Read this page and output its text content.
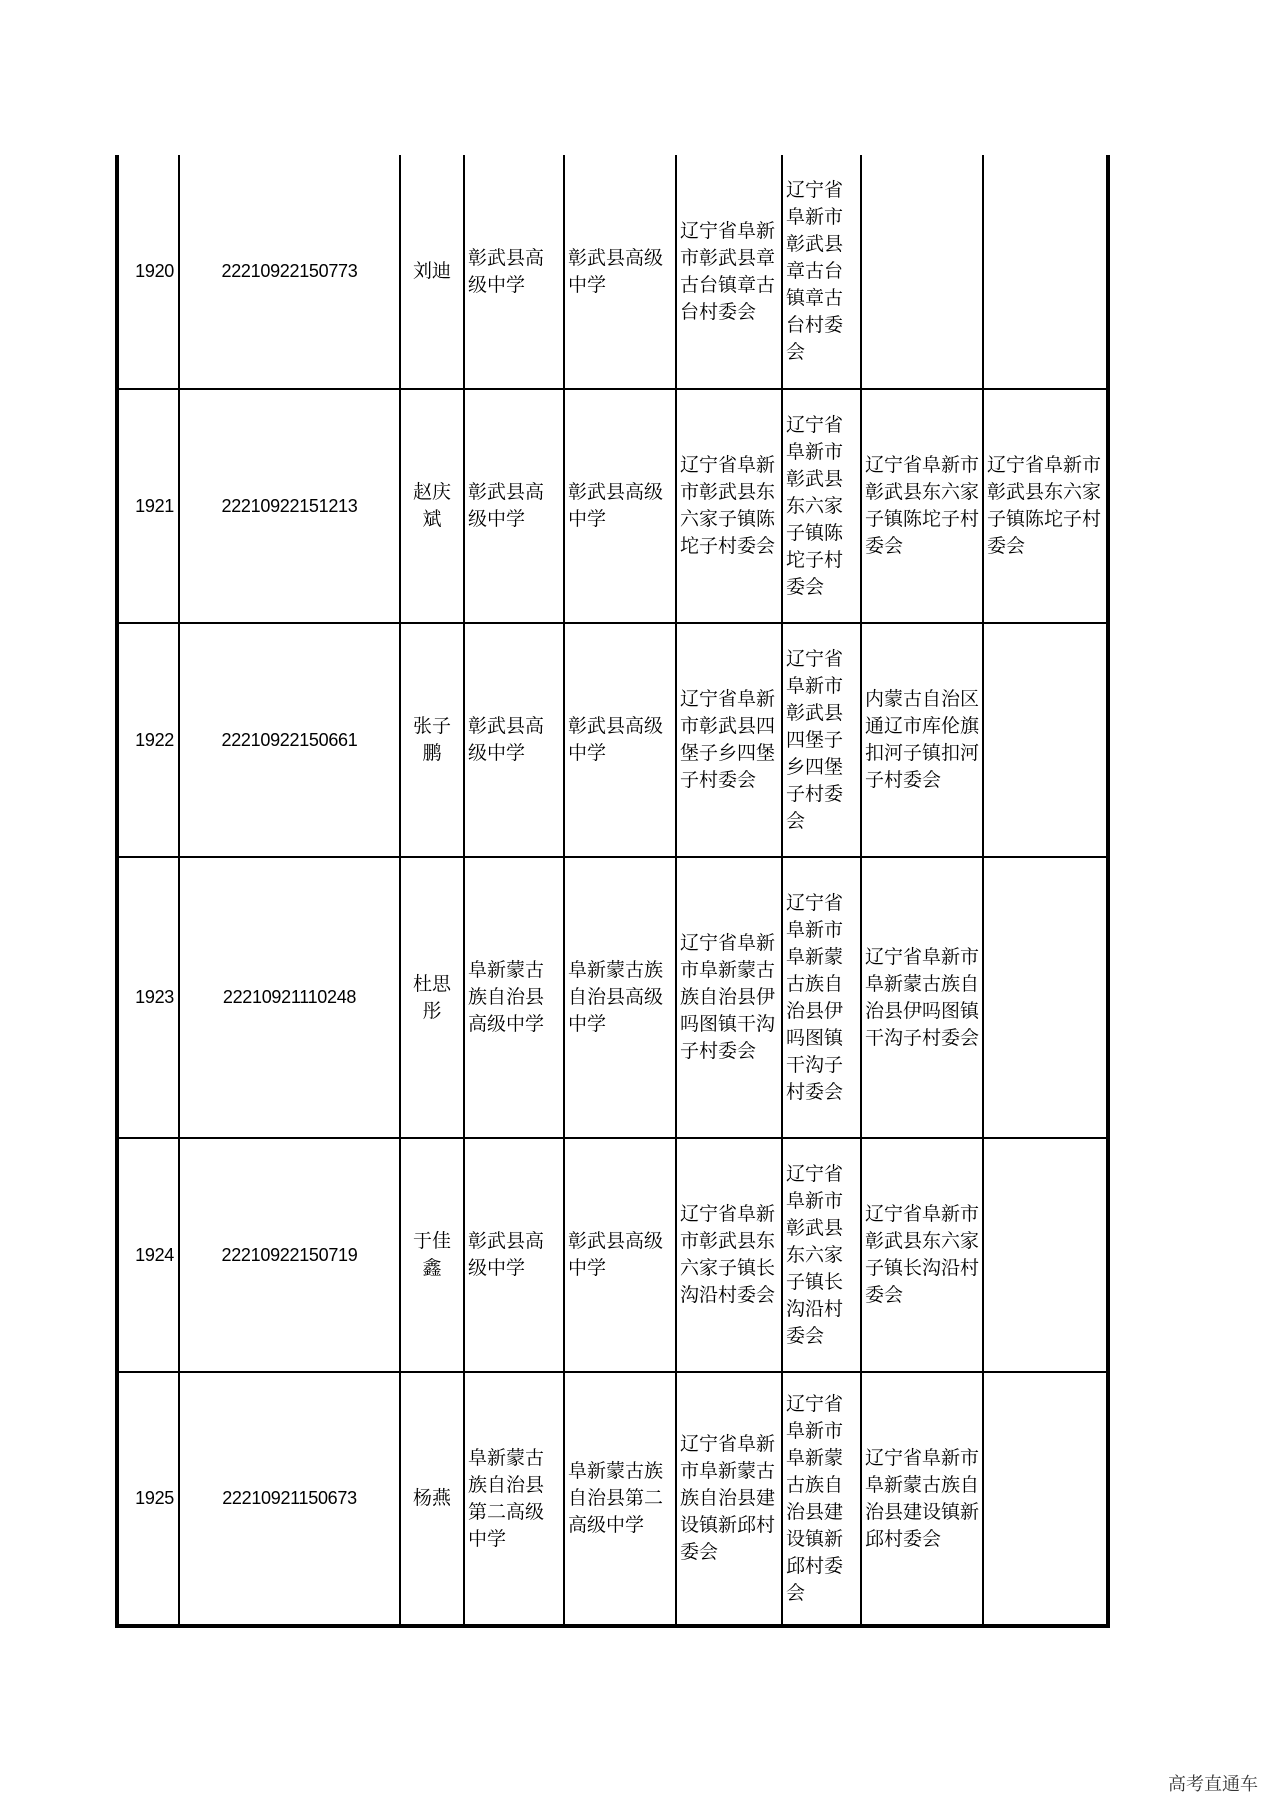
1920	22210922150773	刘迪	彰武县高级中学	彰武县高级中学	辽宁省阜新市彰武县章古台镇章古台村委会	辽宁省阜新市彰武县章古台镇章古台村委会		

1921	22210922151213	赵庆斌	彰武县高级中学	彰武县高级中学	辽宁省阜新市彰武县东六家子镇陈坨子村委会	辽宁省阜新市彰武县东六家子镇陈坨子村委会	辽宁省阜新市彰武县东六家子镇陈坨子村委会	辽宁省阜新市彰武县东六家子镇陈坨子村委会

1922	22210922150661	张子鹏	彰武县高级中学	彰武县高级中学	辽宁省阜新市彰武县四堡子乡四堡子村委会	辽宁省阜新市彰武县四堡子乡四堡子村委会	内蒙古自治区通辽市库伦旗扣河子镇扣河子村委会	

1923	22210921110248	杜思彤	阜新蒙古族自治县高级中学	阜新蒙古族自治县高级中学	辽宁省阜新市阜新蒙古族自治县伊吗图镇干沟子村委会	辽宁省阜新市阜新蒙古族自治县伊吗图镇干沟子村委会	辽宁省阜新市阜新蒙古族自治县伊吗图镇干沟子村委会	

1924	22210922150719	于佳鑫	彰武县高级中学	彰武县高级中学	辽宁省阜新市彰武县东六家子镇长沟沿村委会	辽宁省阜新市彰武县东六家子镇长沟沿村委会	辽宁省阜新市彰武县东六家子镇长沟沿村委会	

1925	22210921150673	杨燕	阜新蒙古族自治县第二高级中学	阜新蒙古族自治县第二高级中学	辽宁省阜新市阜新蒙古族自治县建设镇新邱村委会	辽宁省阜新市阜新蒙古族自治县建设镇新邱村委会	辽宁省阜新市阜新蒙古族自治县建设镇新邱村委会	

高考直通车
